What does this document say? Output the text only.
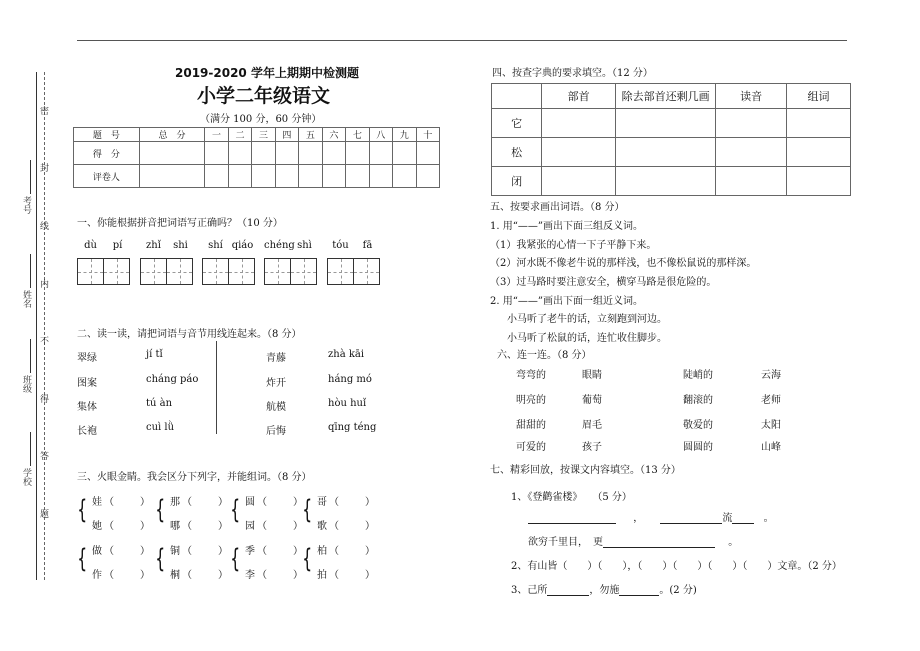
密
封
线
内
不
得
答
题
学校
班级
姓名
考号
2019-2020 学年上期期中检测题
小学二年级语文
（满分 100 分，60 分钟）
题　号	总　分	一	二	三	四	五	六	七	八	九	十
得　分											
评卷人											
一、你能根据拼音把词语写正确吗？（10 分）
dù pí	zhǐ shi	shí qiáo	chéng shì	tóu fā
二、读一读，请把词语与音节用线连起来。（8 分）
翠绿	jí tǐ
图案	cháng páo
集体	tú àn
长袍	cuì lǜ
青藤	zhà kāi
炸开	háng mó
航模	hòu huǐ
后悔	qīng téng
三、火眼金睛。我会区分下列字，并能组词。（8 分）
{ 娃 （　　）
她 （　　）
{ 那 （　　）
哪 （　　）
{ 圆 （　　）
园 （　　）
{ 哥 （　　）
歌 （　　）
{ 做 （　　）
作 （　　）
{ 铜 （　　）
桐 （　　）
{ 季 （　　）
李 （　　）
{ 柏 （　　）
拍 （　　）
四、按查字典的要求填空。（12 分）
	部首	除去部首还剩几画	读音	组词
它				
松				
闭				
五、按要求画出词语。（8 分）
1. 用“——”画出下面三组反义词。
（1）我紧张的心情一下子平静下来。
（2）河水既不像老牛说的那样浅，也不像松鼠说的那样深。
（3）过马路时要注意安全，横穿马路是很危险的。
2. 用“——”画出下面一组近义词。
小马听了老牛的话，立刻跑到河边。
小马听了松鼠的话，连忙收住脚步。
六、连一连。（8 分）
弯弯的	眼睛	陡峭的	云海
明亮的	葡萄	翻滚的	老师
甜甜的	眉毛	敬爱的	太阳
可爱的	孩子	圆圆的	山峰
七、精彩回放，按课文内容填空。（13 分）
1、《登鹳雀楼》　　（5 分）
，	流	。
欲穷千里目，　更	。
2、有山皆（　　）（　　），（　　）（　　）（　　）（　　）文章。（2 分）
3、己所	，勿施	。(2 分)
